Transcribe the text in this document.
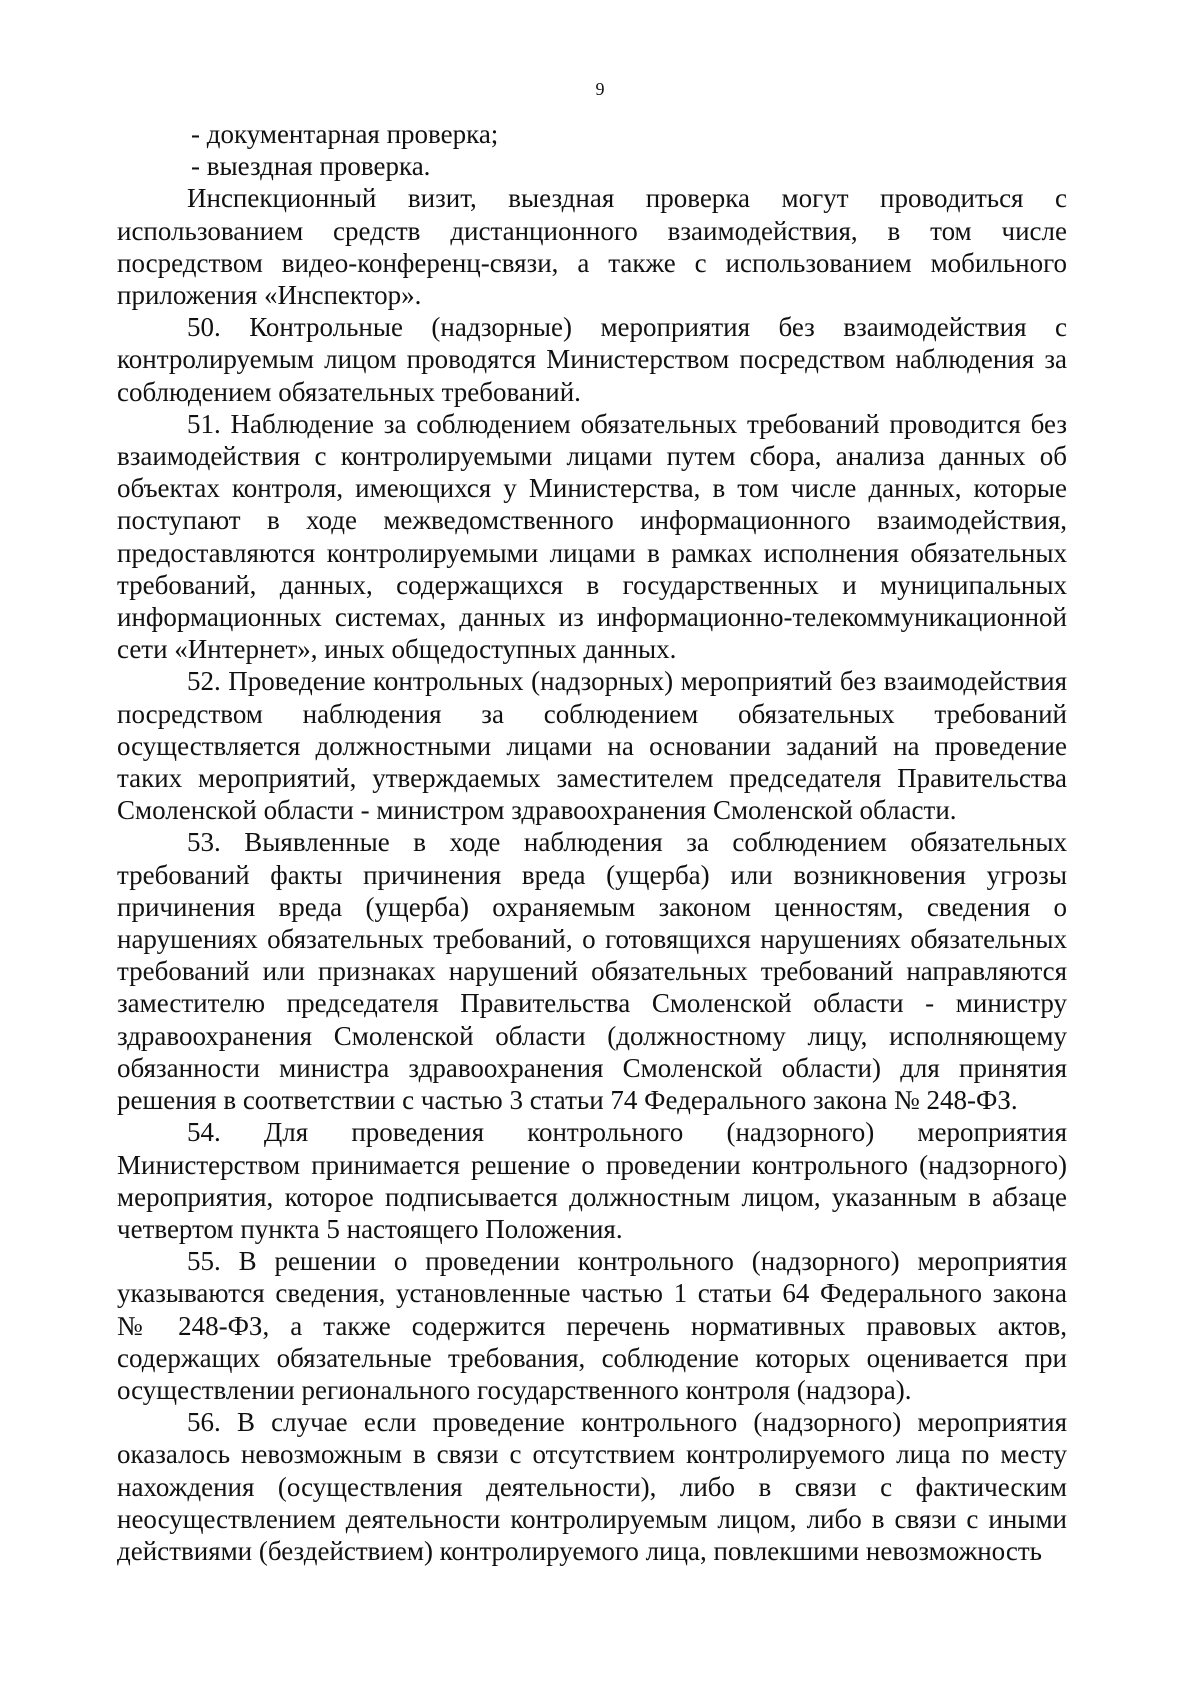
9

- документарная проверка;

- выездная проверка.

Инспекционный визит, выездная проверка могут проводиться с использованием средств дистанционного взаимодействия, в том числе посредством видео-конференц-связи, а также с использованием мобильного приложения «Инспектор».

50. Контрольные (надзорные) мероприятия без взаимодействия с контролируемым лицом проводятся Министерством посредством наблюдения за соблюдением обязательных требований.

51. Наблюдение за соблюдением обязательных требований проводится без взаимодействия с контролируемыми лицами путем сбора, анализа данных об объектах контроля, имеющихся у Министерства, в том числе данных, которые поступают в ходе межведомственного информационного взаимодействия, предоставляются контролируемыми лицами в рамках исполнения обязательных требований, данных, содержащихся в государственных и муниципальных информационных системах, данных из информационно-телекоммуникационной сети «Интернет», иных общедоступных данных.

52. Проведение контрольных (надзорных) мероприятий без взаимодействия посредством наблюдения за соблюдением обязательных требований осуществляется должностными лицами на основании заданий на проведение таких мероприятий, утверждаемых заместителем председателя Правительства Смоленской области - министром здравоохранения Смоленской области.

53. Выявленные в ходе наблюдения за соблюдением обязательных требований факты причинения вреда (ущерба) или возникновения угрозы причинения вреда (ущерба) охраняемым законом ценностям, сведения о нарушениях обязательных требований, о готовящихся нарушениях обязательных требований или признаках нарушений обязательных требований направляются заместителю председателя Правительства Смоленской области - министру здравоохранения Смоленской области (должностному лицу, исполняющему обязанности министра здравоохранения Смоленской области) для принятия решения в соответствии с частью 3 статьи 74 Федерального закона № 248-ФЗ.

54. Для проведения контрольного (надзорного) мероприятия Министерством принимается решение о проведении контрольного (надзорного) мероприятия, которое подписывается должностным лицом, указанным в абзаце четвертом пункта 5 настоящего Положения.

55. В решении о проведении контрольного (надзорного) мероприятия указываются сведения, установленные частью 1 статьи 64 Федерального закона № 248-ФЗ, а также содержится перечень нормативных правовых актов, содержащих обязательные требования, соблюдение которых оценивается при осуществлении регионального государственного контроля (надзора).

56. В случае если проведение контрольного (надзорного) мероприятия оказалось невозможным в связи с отсутствием контролируемого лица по месту нахождения (осуществления деятельности), либо в связи с фактическим неосуществлением деятельности контролируемым лицом, либо в связи с иными действиями (бездействием) контролируемого лица, повлекшими невозможность
